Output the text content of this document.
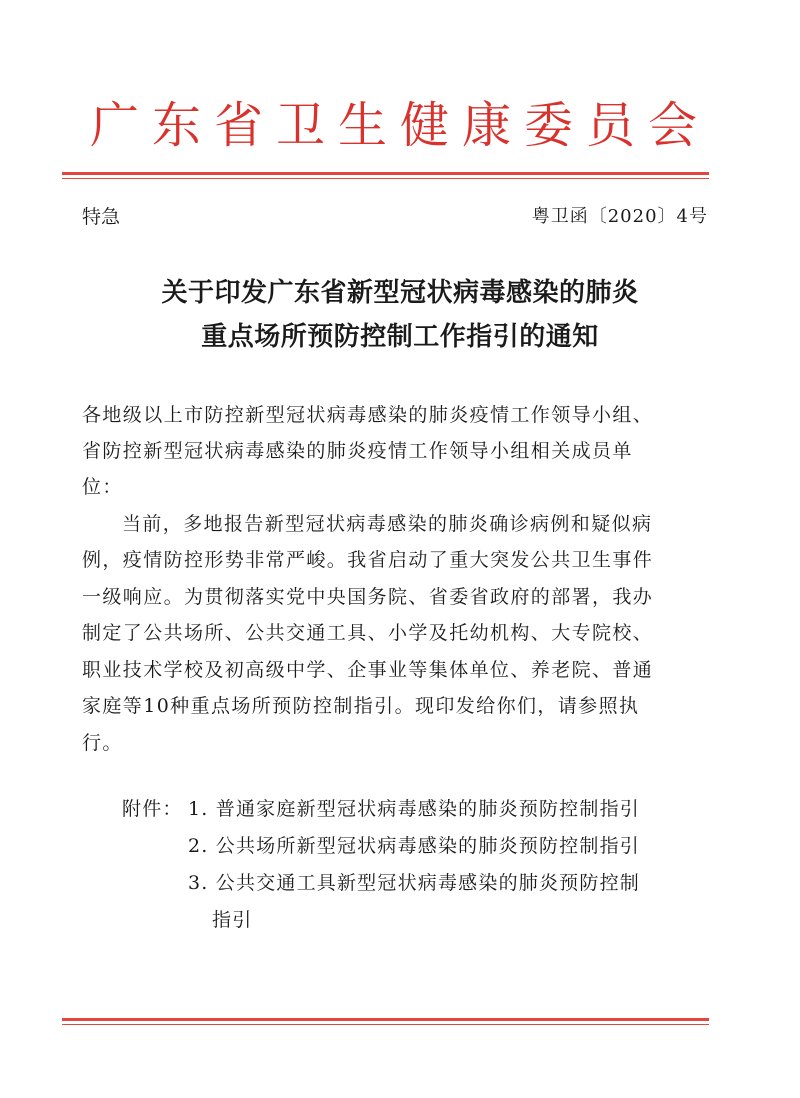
广东省卫生健康委员会
特急	粤卫函〔2020〕4号
关于印发广东省新型冠状病毒感染的肺炎
重点场所预防控制工作指引的通知
各地级以上市防控新型冠状病毒感染的肺炎疫情工作领导小组、
省防控新型冠状病毒感染的肺炎疫情工作领导小组相关成员单
位：
当前，多地报告新型冠状病毒感染的肺炎确诊病例和疑似病
例，疫情防控形势非常严峻。我省启动了重大突发公共卫生事件
一级响应。为贯彻落实党中央国务院、省委省政府的部署，我办
制定了公共场所、公共交通工具、小学及托幼机构、大专院校、
职业技术学校及初高级中学、企事业等集体单位、养老院、普通
家庭等10种重点场所预防控制指引。现印发给你们，请参照执
行。
附件： 1. 普通家庭新型冠状病毒感染的肺炎预防控制指引
2. 公共场所新型冠状病毒感染的肺炎预防控制指引
3. 公共交通工具新型冠状病毒感染的肺炎预防控制
指引
